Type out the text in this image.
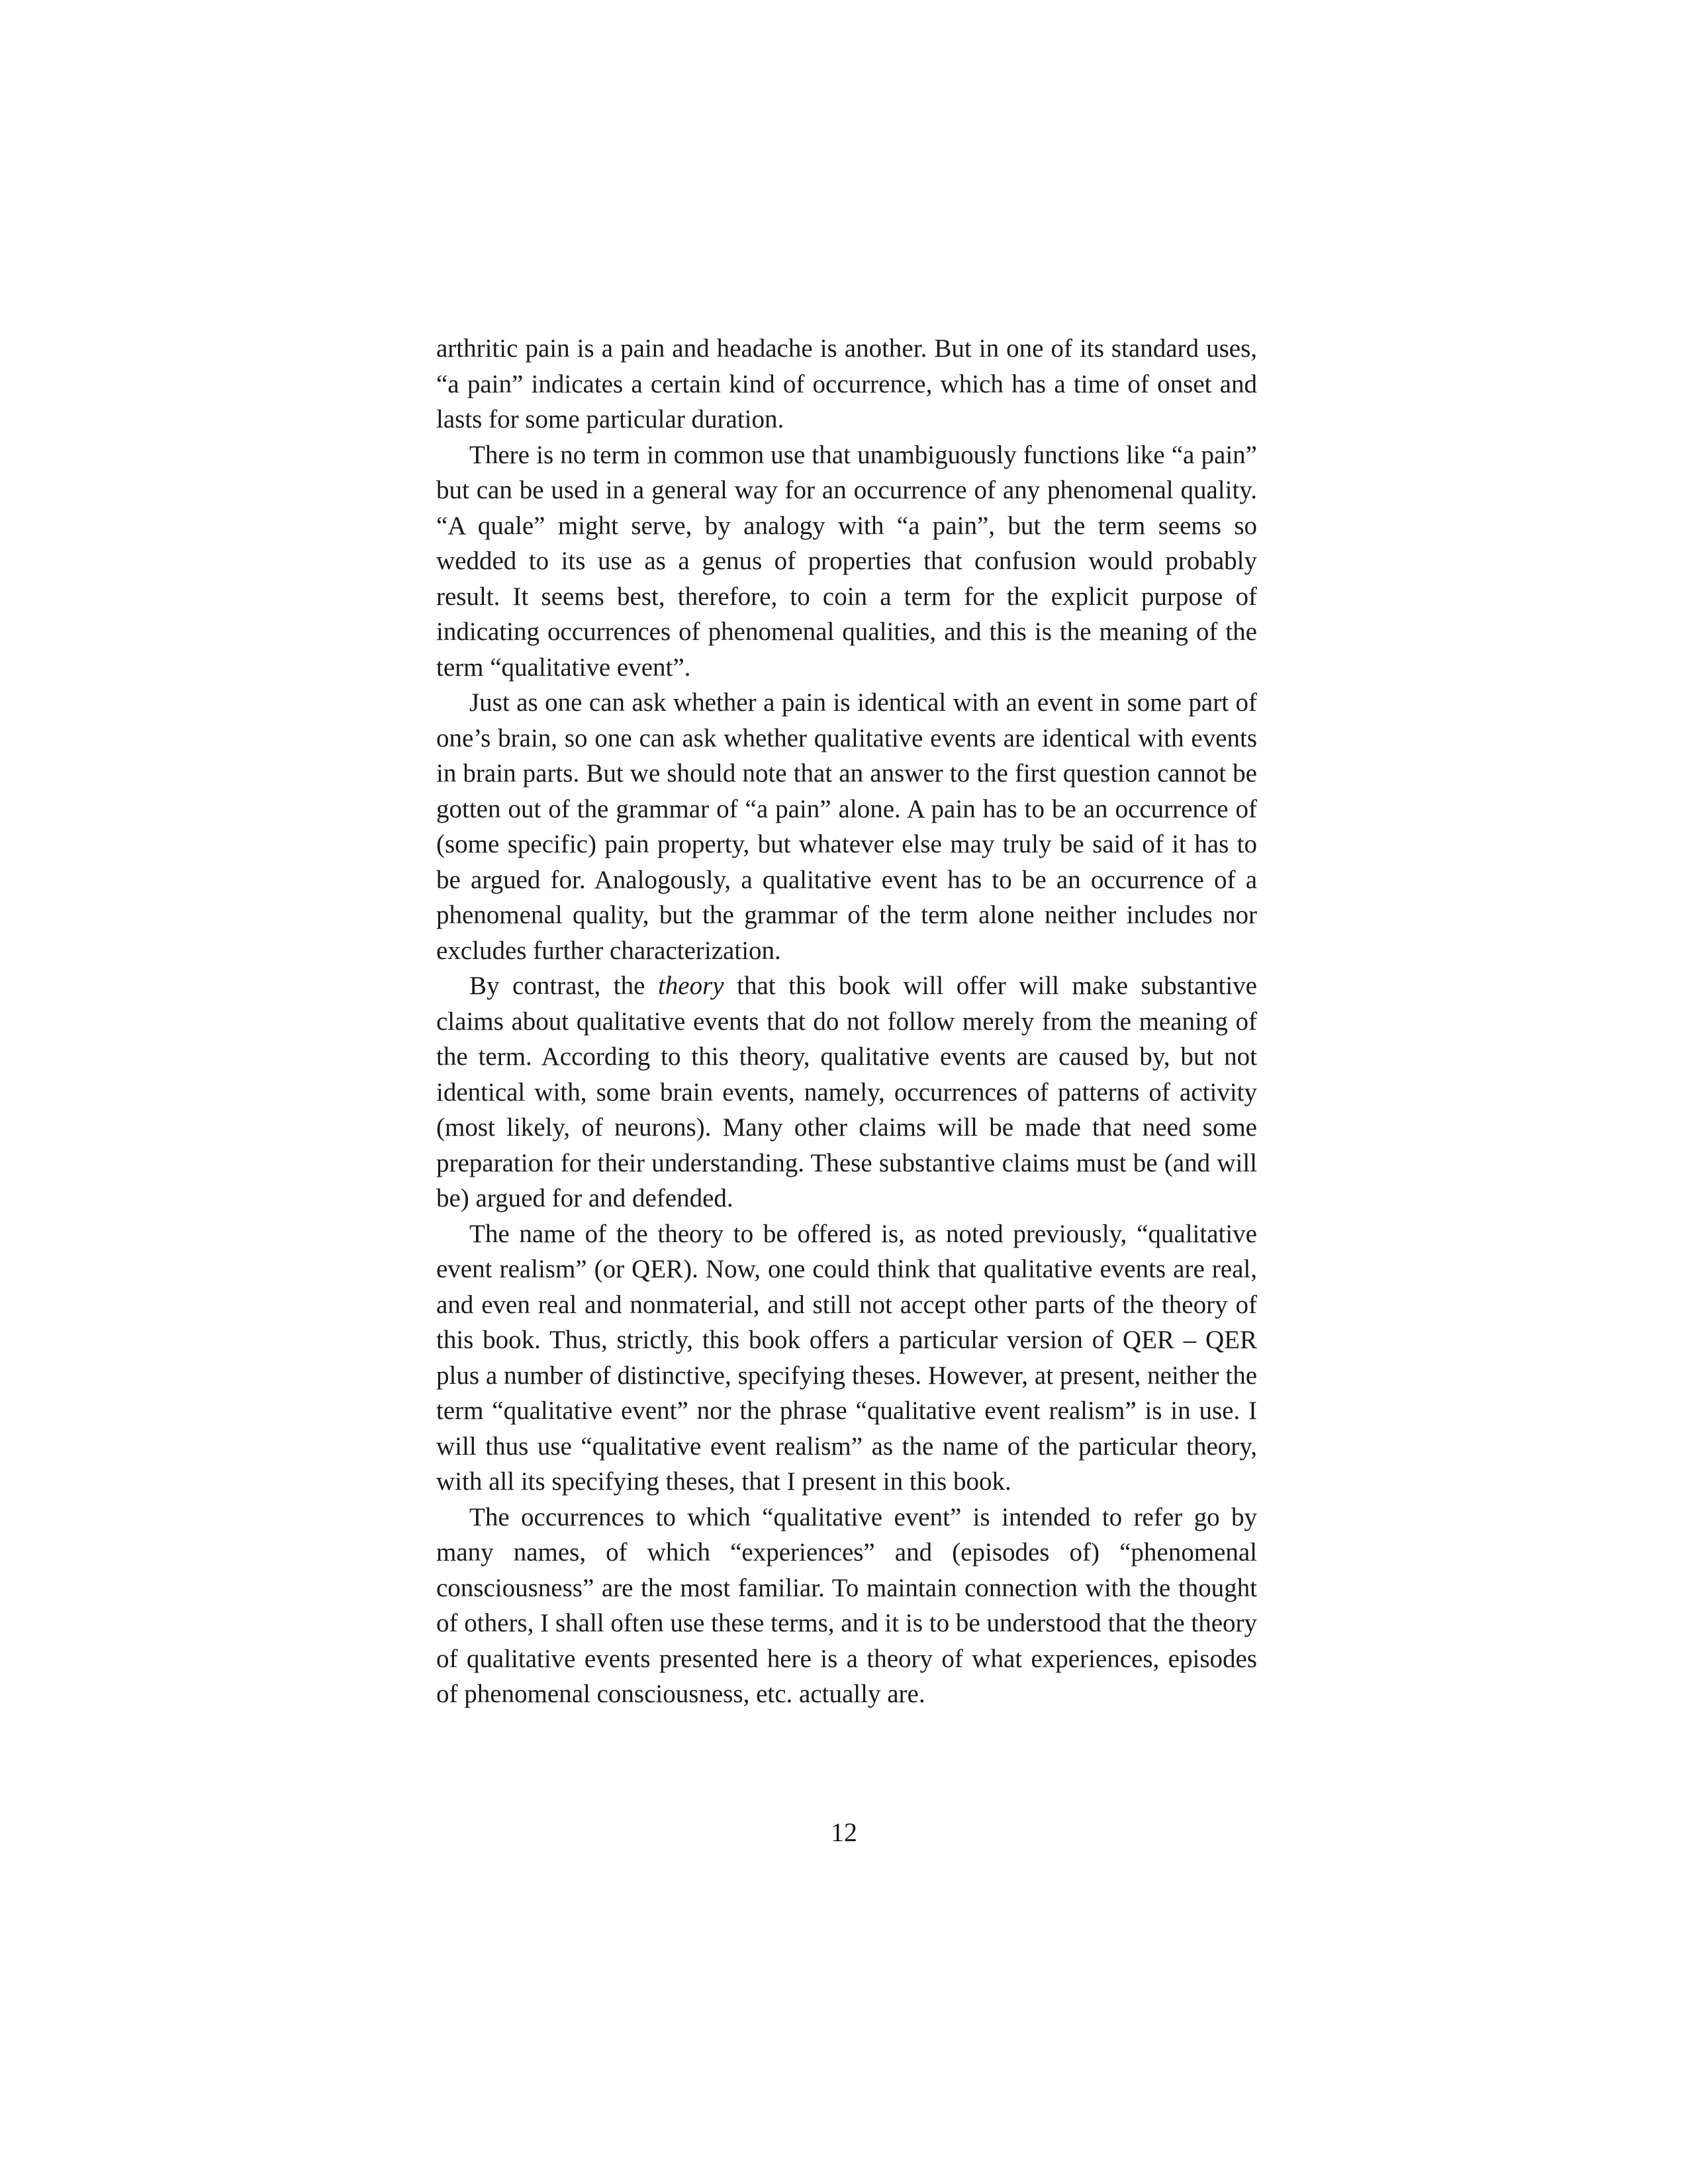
arthritic pain is a pain and headache is another. But in one of its standard uses, “a pain” indicates a certain kind of occurrence, which has a time of onset and lasts for some particular duration.

There is no term in common use that unambiguously functions like “a pain” but can be used in a general way for an occurrence of any phenomenal quality. “A quale” might serve, by analogy with “a pain”, but the term seems so wedded to its use as a genus of properties that confusion would probably result. It seems best, therefore, to coin a term for the explicit purpose of indicating occurrences of phenomenal qualities, and this is the meaning of the term “qualitative event”.

Just as one can ask whether a pain is identical with an event in some part of one’s brain, so one can ask whether qualitative events are identical with events in brain parts. But we should note that an answer to the first question cannot be gotten out of the grammar of “a pain” alone. A pain has to be an occurrence of (some specific) pain property, but whatever else may truly be said of it has to be argued for. Analogously, a qualitative event has to be an occurrence of a phenomenal quality, but the grammar of the term alone neither includes nor excludes further characterization.

By contrast, the theory that this book will offer will make substantive claims about qualitative events that do not follow merely from the meaning of the term. According to this theory, qualitative events are caused by, but not identical with, some brain events, namely, occurrences of patterns of activity (most likely, of neurons). Many other claims will be made that need some preparation for their understanding. These substantive claims must be (and will be) argued for and defended.

The name of the theory to be offered is, as noted previously, “qualitative event realism” (or QER). Now, one could think that qualitative events are real, and even real and nonmaterial, and still not accept other parts of the theory of this book. Thus, strictly, this book offers a particular version of QER – QER plus a number of distinctive, specifying theses. However, at present, neither the term “qualitative event” nor the phrase “qualitative event realism” is in use. I will thus use “qualitative event realism” as the name of the particular theory, with all its specifying theses, that I present in this book.

The occurrences to which “qualitative event” is intended to refer go by many names, of which “experiences” and (episodes of) “phenomenal consciousness” are the most familiar. To maintain connection with the thought of others, I shall often use these terms, and it is to be understood that the theory of qualitative events presented here is a theory of what experiences, episodes of phenomenal consciousness, etc. actually are.

12
